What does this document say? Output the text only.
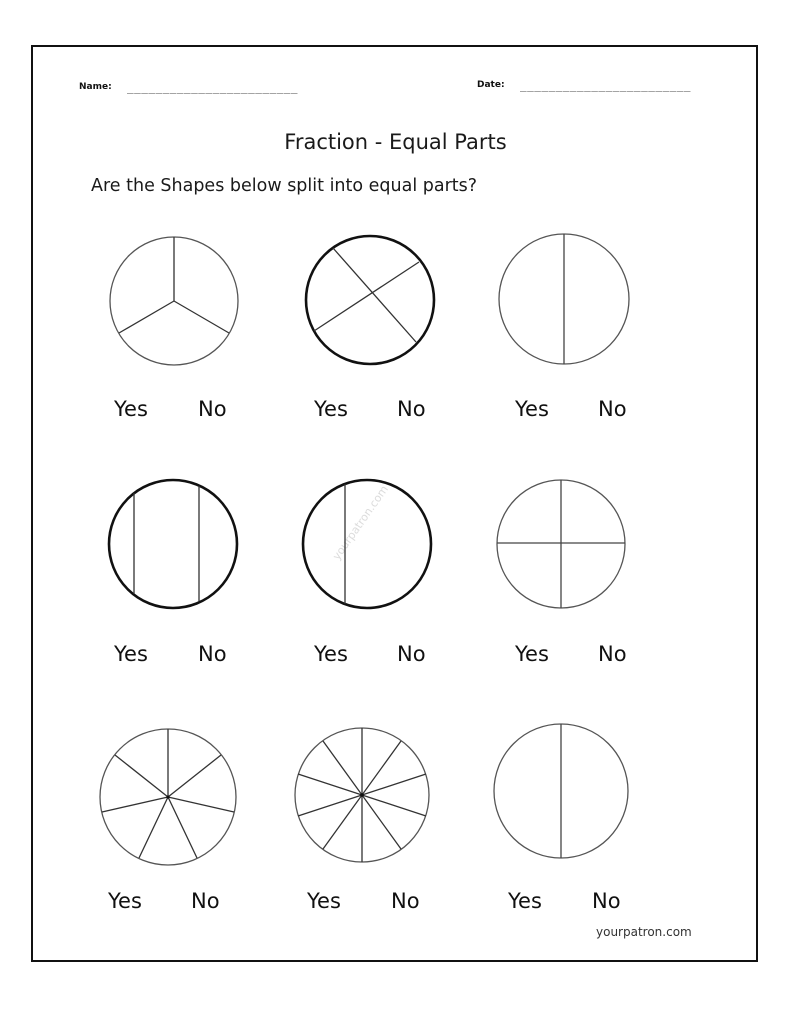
Name: ________________________	Date: ________________________
Fraction - Equal Parts
Are the Shapes below split into equal parts?
yourpatron.com
Yes No	Yes No	Yes No
Yes No	Yes No	Yes No
Yes No	Yes No	Yes No
yourpatron.com
